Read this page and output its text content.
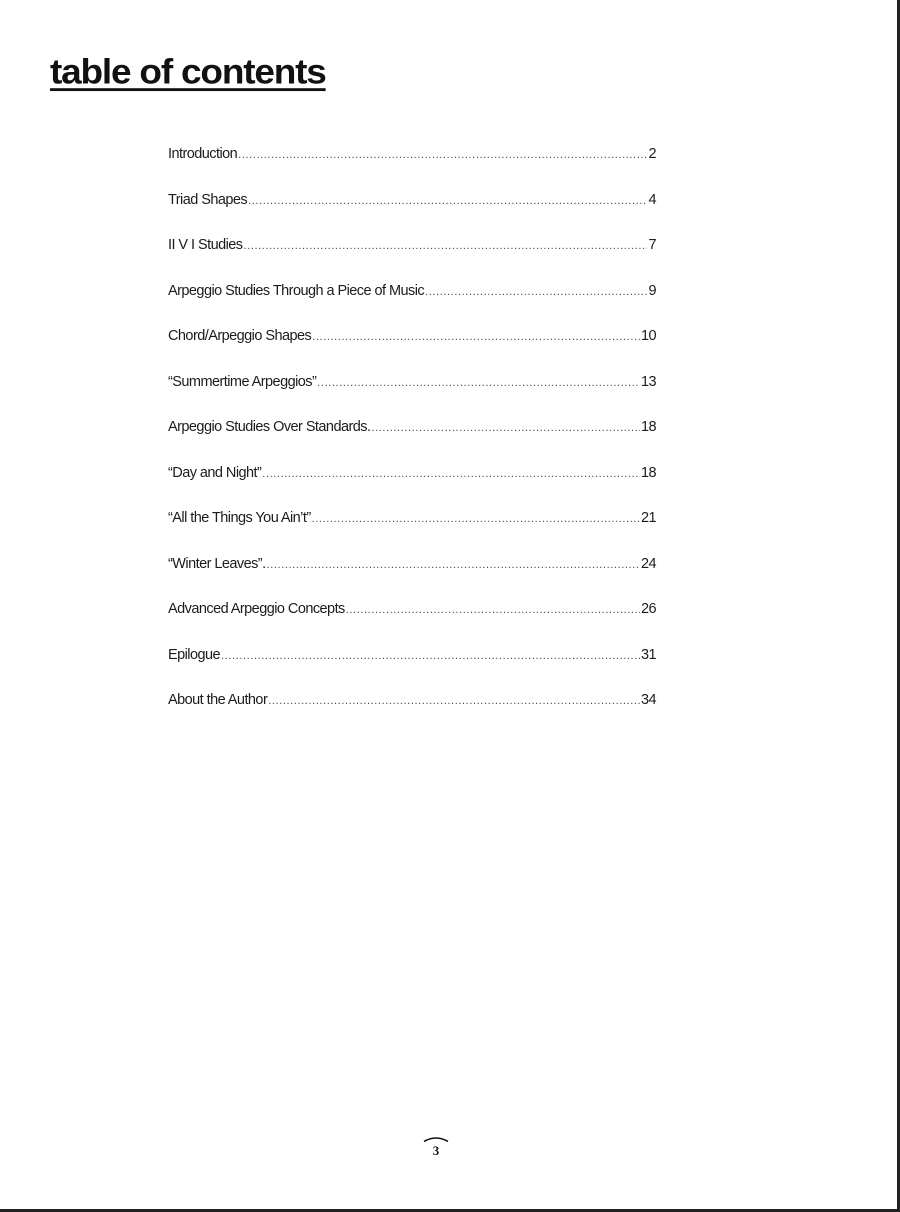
table of contents
Introduction .....	2
Triad Shapes .....	4
II V I Studies .....	7
Arpeggio Studies Through a Piece of Music .....	9
Chord/Arpeggio Shapes .....	10
“Summertime Arpeggios” .....	13
Arpeggio Studies Over Standards. .....	18
“Day and Night” .....	18
“All the Things You Ain’t” .....	21
“Winter Leaves”. .....	24
Advanced Arpeggio Concepts .....	26
Epilogue .....	31
About the Author .....	34
3
